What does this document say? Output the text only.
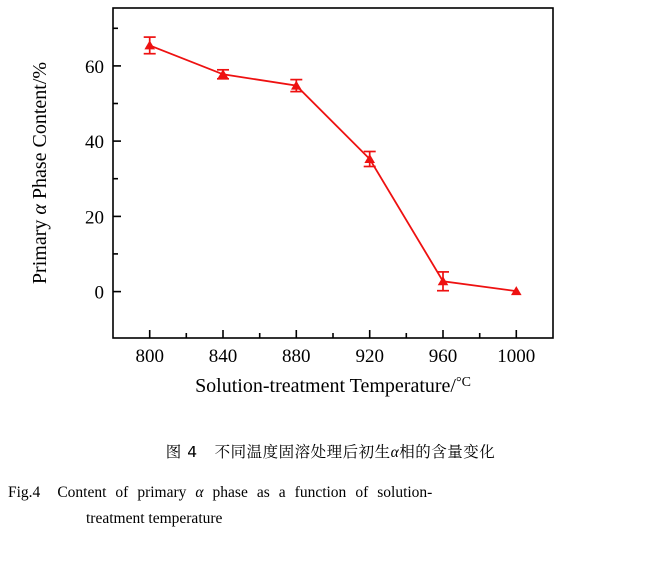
0
20
40
60
800 840 880 920 960 1000
Solution-treatment Temperature/$^{^\circ C}$
Primary α Phase Content/%
图 4 不同温度固溶处理后初生α相的含量变化
Fig.4 Content of primary α phase as a function of solution-
treatment temperature
